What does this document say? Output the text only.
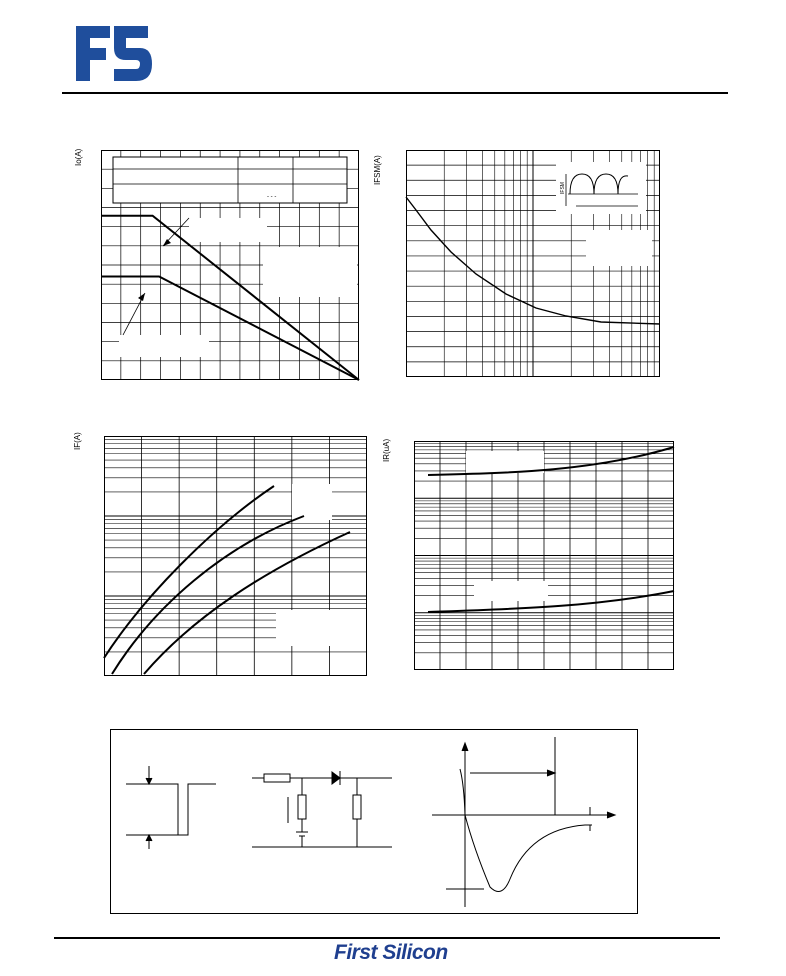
Io(A)
- - -
IFSM(A)
IFSM
IF(A)	IR(uA)
First Silicon
